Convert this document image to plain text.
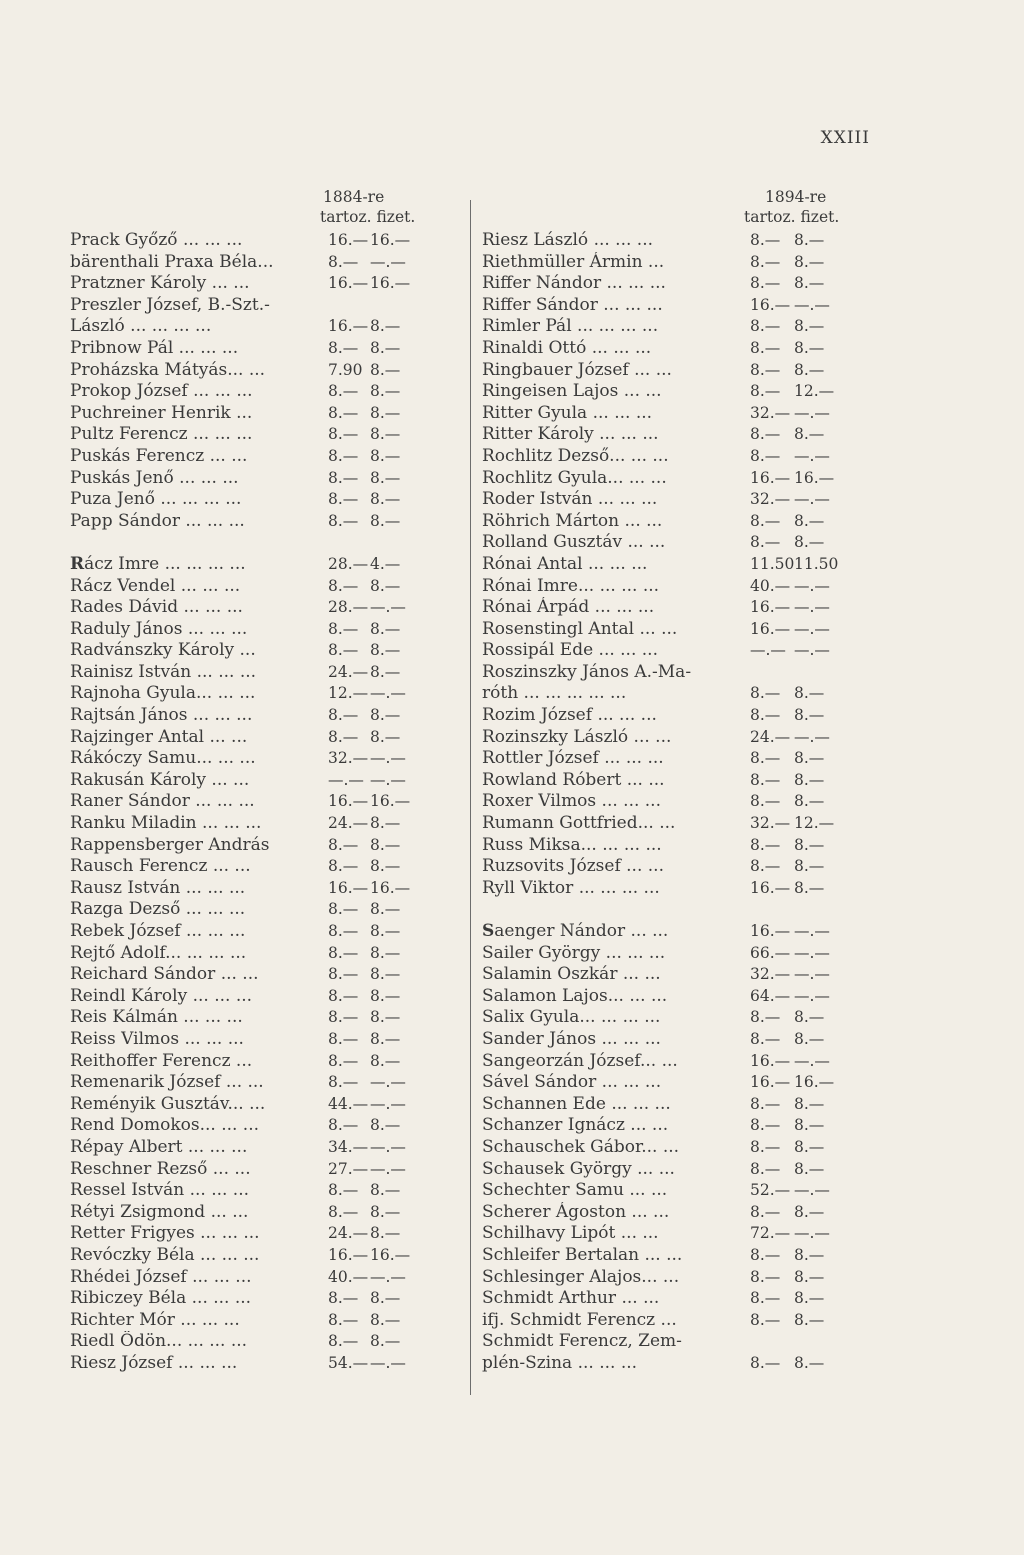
XXIII
1884-re
tartoz. fizet.
Prack Győző ... ... ...	16.— 16.—
bärenthali Praxa Béla...	8.— —.—
Pratzner Károly ... ...	16.— 16.—
Preszler József, B.-Szt.-
László ... ... ... ...	16.— 8.—
Pribnow Pál ... ... ...	8.— 8.—
Proházska Mátyás... ...	7.90 8.—
Prokop József ... ... ...	8.— 8.—
Puchreiner Henrik ...	8.— 8.—
Pultz Ferencz ... ... ...	8.— 8.—
Puskás Ferencz ... ...	8.— 8.—
Puskás Jenő ... ... ...	8.— 8.—
Puza Jenő ... ... ... ...	8.— 8.—
Papp Sándor ... ... ...	8.— 8.—
Rácz Imre ... ... ... ...	28.— 4.—
Rácz Vendel ... ... ...	8.— 8.—
Rades Dávid ... ... ...	28.— —.—
Raduly János ... ... ...	8.— 8.—
Radvánszky Károly ...	8.— 8.—
Rainisz István ... ... ...	24.— 8.—
Rajnoha Gyula... ... ...	12.— —.—
Rajtsán János ... ... ...	8.— 8.—
Rajzinger Antal ... ...	8.— 8.—
Rákóczy Samu... ... ...	32.— —.—
Rakusán Károly ... ...	—.— —.—
Raner Sándor ... ... ...	16.— 16.—
Ranku Miladin ... ... ...	24.— 8.—
Rappensberger András	8.— 8.—
Rausch Ferencz ... ...	8.— 8.—
Rausz István ... ... ...	16.— 16.—
Razga Dezső ... ... ...	8.— 8.—
Rebek József ... ... ...	8.— 8.—
Rejtő Adolf... ... ... ...	8.— 8.—
Reichard Sándor ... ...	8.— 8.—
Reindl Károly ... ... ...	8.— 8.—
Reis Kálmán ... ... ...	8.— 8.—
Reiss Vilmos ... ... ...	8.— 8.—
Reithoffer Ferencz ...	8.— 8.—
Remenarik József ... ...	8.— —.—
Reményik Gusztáv... ...	44.— —.—
Rend Domokos... ... ...	8.— 8.—
Répay Albert ... ... ...	34.— —.—
Reschner Rezső ... ...	27.— —.—
Ressel István ... ... ...	8.— 8.—
Rétyi Zsigmond ... ...	8.— 8.—
Retter Frigyes ... ... ...	24.— 8.—
Revóczky Béla ... ... ...	16.— 16.—
Rhédei József ... ... ...	40.— —.—
Ribiczey Béla ... ... ...	8.— 8.—
Richter Mór ... ... ...	8.— 8.—
Riedl Ödön... ... ... ...	8.— 8.—
Riesz József ... ... ...	54.— —.—
1894-re
tartoz. fizet.
Riesz László ... ... ...	8.— 8.—
Riethmüller Ármin ...	8.— 8.—
Riffer Nándor ... ... ...	8.— 8.—
Riffer Sándor ... ... ...	16.— —.—
Rimler Pál ... ... ... ...	8.— 8.—
Rinaldi Ottó ... ... ...	8.— 8.—
Ringbauer József ... ...	8.— 8.—
Ringeisen Lajos ... ...	8.— 12.—
Ritter Gyula ... ... ...	32.— —.—
Ritter Károly ... ... ...	8.— 8.—
Rochlitz Dezső... ... ...	8.— —.—
Rochlitz Gyula... ... ...	16.— 16.—
Roder István ... ... ...	32.— —.—
Röhrich Márton ... ...	8.— 8.—
Rolland Gusztáv ... ...	8.— 8.—
Rónai Antal ... ... ...	11.50 11.50
Rónai Imre... ... ... ...	40.— —.—
Rónai Árpád ... ... ...	16.— —.—
Rosenstingl Antal ... ...	16.— —.—
Rossipál Ede ... ... ...	—.— —.—
Roszinszky János A.-Ma-
róth ... ... ... ... ...	8.— 8.—
Rozim József ... ... ...	8.— 8.—
Rozinszky László ... ...	24.— —.—
Rottler József ... ... ...	8.— 8.—
Rowland Róbert ... ...	8.— 8.—
Roxer Vilmos ... ... ...	8.— 8.—
Rumann Gottfried... ...	32.— 12.—
Russ Miksa... ... ... ...	8.— 8.—
Ruzsovits József ... ...	8.— 8.—
Ryll Viktor ... ... ... ...	16.— 8.—
Saenger Nándor ... ...	16.— —.—
Sailer György ... ... ...	66.— —.—
Salamin Oszkár ... ...	32.— —.—
Salamon Lajos... ... ...	64.— —.—
Salix Gyula... ... ... ...	8.— 8.—
Sander János ... ... ...	8.— 8.—
Sangeorzán József... ...	16.— —.—
Sável Sándor ... ... ...	16.— 16.—
Schannen Ede ... ... ...	8.— 8.—
Schanzer Ignácz ... ...	8.— 8.—
Schauschek Gábor... ...	8.— 8.—
Schausek György ... ...	8.— 8.—
Schechter Samu ... ...	52.— —.—
Scherer Ágoston ... ...	8.— 8.—
Schilhavy Lipót ... ...	72.— —.—
Schleifer Bertalan ... ...	8.— 8.—
Schlesinger Alajos... ...	8.— 8.—
Schmidt Arthur ... ...	8.— 8.—
ifj. Schmidt Ferencz ...	8.— 8.—
Schmidt Ferencz, Zem-
plén-Szina ... ... ...	8.— 8.—
